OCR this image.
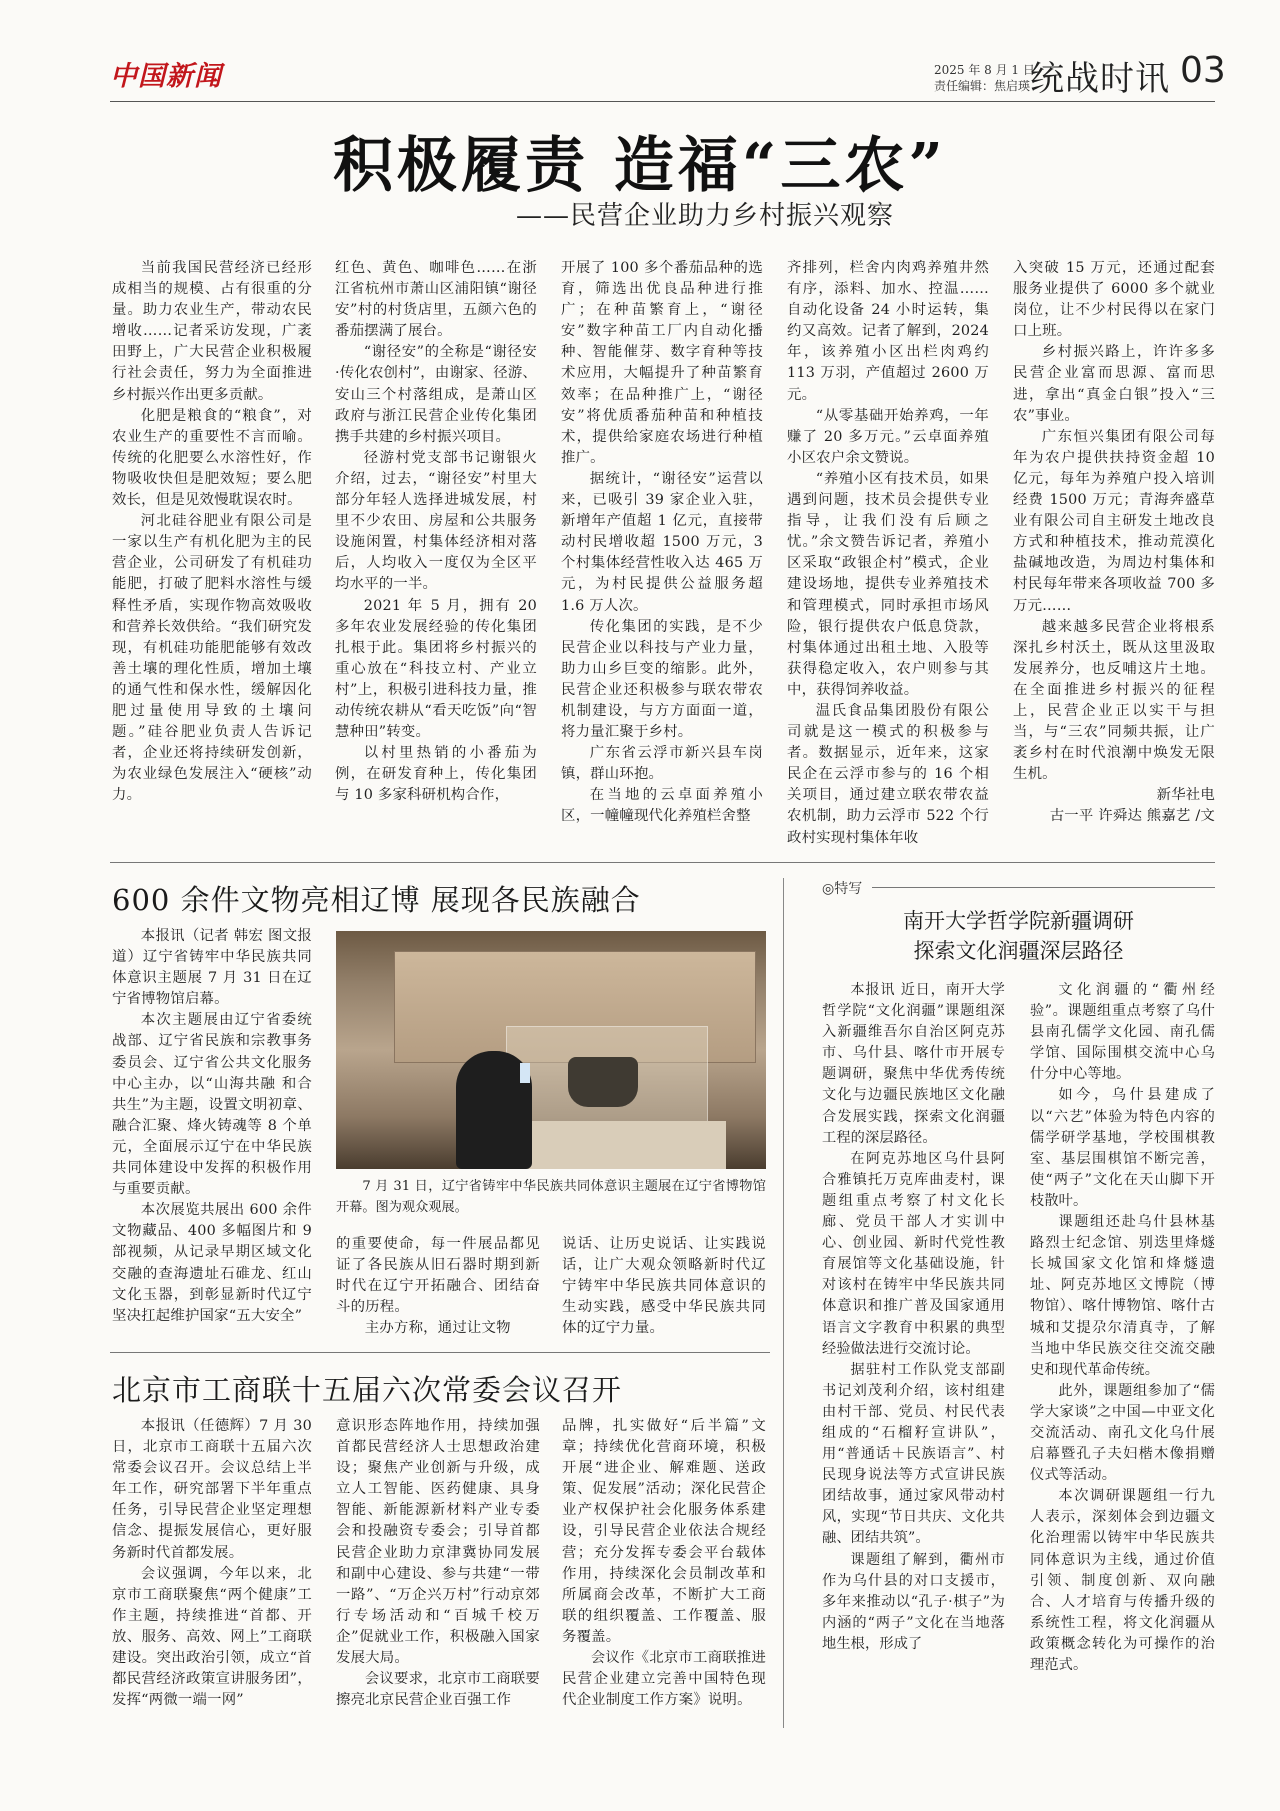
中国新闻	2025 年 8 月 1 日
责任编辑：焦启瑛 统战时讯 03
积极履责 造福“三农”
——民营企业助力乡村振兴观察

当前我国民营经济已经形成相当的规模、占有很重的分量。助力农业生产，带动农民增收……记者采访发现，广袤田野上，广大民营企业积极履行社会责任，努力为全面推进乡村振兴作出更多贡献。

化肥是粮食的“粮食”，对农业生产的重要性不言而喻。传统的化肥要么水溶性好，作物吸收快但是肥效短；要么肥效长，但是见效慢耽误农时。

河北硅谷肥业有限公司是一家以生产有机化肥为主的民营企业，公司研发了有机硅功能肥，打破了肥料水溶性与缓释性矛盾，实现作物高效吸收和营养长效供给。“我们研究发现，有机硅功能肥能够有效改善土壤的理化性质，增加土壤的通气性和保水性，缓解因化肥过量使用导致的土壤问题。”硅谷肥业负责人告诉记者，企业还将持续研发创新，为农业绿色发展注入“硬核”动力。

红色、黄色、咖啡色……在浙江省杭州市萧山区浦阳镇“谢径安”村的村货店里，五颜六色的番茄摆满了展台。

“谢径安”的全称是“谢径安·传化农创村”，由谢家、径游、安山三个村落组成，是萧山区政府与浙江民营企业传化集团携手共建的乡村振兴项目。

径游村党支部书记谢银火介绍，过去，“谢径安”村里大部分年轻人选择进城发展，村里不少农田、房屋和公共服务设施闲置，村集体经济相对落后，人均收入一度仅为全区平均水平的一半。

2021 年 5 月，拥有 20 多年农业发展经验的传化集团扎根于此。集团将乡村振兴的重心放在“科技立村、产业立村”上，积极引进科技力量，推动传统农耕从“看天吃饭”向“智慧种田”转变。

以村里热销的小番茄为例，在研发育种上，传化集团与 10 多家科研机构合作，

开展了 100 多个番茄品种的选育，筛选出优良品种进行推广；在种苗繁育上，“谢径安”数字种苗工厂内自动化播种、智能催芽、数字育种等技术应用，大幅提升了种苗繁育效率；在品种推广上，“谢径安”将优质番茄种苗和种植技术，提供给家庭农场进行种植推广。

据统计，“谢径安”运营以来，已吸引 39 家企业入驻，新增年产值超 1 亿元，直接带动村民增收超 1500 万元，3 个村集体经营性收入达 465 万元，为村民提供公益服务超 1.6 万人次。

传化集团的实践，是不少民营企业以科技与产业力量，助力山乡巨变的缩影。此外，民营企业还积极参与联农带农机制建设，与方方面面一道，将力量汇聚于乡村。

广东省云浮市新兴县车岗镇，群山环抱。

在当地的云卓面养殖小区，一幢幢现代化养殖栏舍整

齐排列，栏舍内肉鸡养殖井然有序，添料、加水、控温……自动化设备 24 小时运转，集约又高效。记者了解到，2024 年，该养殖小区出栏肉鸡约 113 万羽，产值超过 2600 万元。

“从零基础开始养鸡，一年赚了 20 多万元。”云卓面养殖小区农户余文赞说。

“养殖小区有技术员，如果遇到问题，技术员会提供专业指导，让我们没有后顾之忧。”余文赞告诉记者，养殖小区采取“政银企村”模式，企业建设场地，提供专业养殖技术和管理模式，同时承担市场风险，银行提供农户低息贷款，村集体通过出租土地、入股等获得稳定收入，农户则参与其中，获得饲养收益。

温氏食品集团股份有限公司就是这一模式的积极参与者。数据显示，近年来，这家民企在云浮市参与的 16 个相关项目，通过建立联农带农益农机制，助力云浮市 522 个行政村实现村集体年收

入突破 15 万元，还通过配套服务业提供了 6000 多个就业岗位，让不少村民得以在家门口上班。

乡村振兴路上，许许多多民营企业富而思源、富而思进，拿出“真金白银”投入“三农”事业。

广东恒兴集团有限公司每年为农户提供扶持资金超 10 亿元，每年为养殖户投入培训经费 1500 万元；青海奔盛草业有限公司自主研发土地改良方式和种植技术，推动荒漠化盐碱地改造，为周边村集体和村民每年带来各项收益 700 多万元……

越来越多民营企业将根系深扎乡村沃土，既从这里汲取发展养分，也反哺这片土地。在全面推进乡村振兴的征程上，民营企业正以实干与担当，与“三农”同频共振，让广袤乡村在时代浪潮中焕发无限生机。

新华社电

古一平 许舜达 熊嘉艺 /文

600 余件文物亮相辽博 展现各民族融合

本报讯（记者 韩宏 图文报道）辽宁省铸牢中华民族共同体意识主题展 7 月 31 日在辽宁省博物馆启幕。

本次主题展由辽宁省委统战部、辽宁省民族和宗教事务委员会、辽宁省公共文化服务中心主办，以“山海共融 和合共生”为主题，设置文明初章、融合汇聚、烽火铸魂等 8 个单元，全面展示辽宁在中华民族共同体建设中发挥的积极作用与重要贡献。

本次展览共展出 600 余件文物藏品、400 多幅图片和 9 部视频，从记录早期区域文化交融的查海遗址石碓龙、红山文化玉器，到彰显新时代辽宁坚决扛起维护国家“五大安全”

7 月 31 日，辽宁省铸牢中华民族共同体意识主题展在辽宁省博物馆开幕。图为观众观展。

的重要使命，每一件展品都见证了各民族从旧石器时期到新时代在辽宁开拓融合、团结奋斗的历程。

主办方称，通过让文物

说话、让历史说话、让实践说话，让广大观众领略新时代辽宁铸牢中华民族共同体意识的生动实践，感受中华民族共同体的辽宁力量。

北京市工商联十五届六次常委会议召开

本报讯（任德辉）7 月 30 日，北京市工商联十五届六次常委会议召开。会议总结上半年工作，研究部署下半年重点任务，引导民营企业坚定理想信念、提振发展信心，更好服务新时代首都发展。

会议强调，今年以来，北京市工商联聚焦“两个健康”工作主题，持续推进“首都、开放、服务、高效、网上”工商联建设。突出政治引领，成立“首都民营经济政策宣讲服务团”，发挥“两微一端一网”

意识形态阵地作用，持续加强首都民营经济人士思想政治建设；聚焦产业创新与升级，成立人工智能、医药健康、具身智能、新能源新材料产业专委会和投融资专委会；引导首都民营企业助力京津冀协同发展和副中心建设、参与共建“一带一路”、“万企兴万村”行动京郊行专场活动和“百城千校万企”促就业工作，积极融入国家发展大局。

会议要求，北京市工商联要擦亮北京民营企业百强工作

品牌，扎实做好“后半篇”文章；持续优化营商环境，积极开展“进企业、解难题、送政策、促发展”活动；深化民营企业产权保护社会化服务体系建设，引导民营企业依法合规经营；充分发挥专委会平台载体作用，持续深化会员制改革和所属商会改革，不断扩大工商联的组织覆盖、工作覆盖、服务覆盖。

会议作《北京市工商联推进民营企业建立完善中国特色现代企业制度工作方案》说明。

◎特写
南开大学哲学院新疆调研
探索文化润疆深层路径

本报讯 近日，南开大学哲学院“文化润疆”课题组深入新疆维吾尔自治区阿克苏市、乌什县、喀什市开展专题调研，聚焦中华优秀传统文化与边疆民族地区文化融合发展实践，探索文化润疆工程的深层路径。

在阿克苏地区乌什县阿合雅镇托万克库曲麦村，课题组重点考察了村文化长廊、党员干部人才实训中心、创业园、新时代党性教育展馆等文化基础设施，针对该村在铸牢中华民族共同体意识和推广普及国家通用语言文字教育中积累的典型经验做法进行交流讨论。

据驻村工作队党支部副书记刘茂利介绍，该村组建由村干部、党员、村民代表组成的“石榴籽宣讲队”，用“普通话＋民族语言”、村民现身说法等方式宣讲民族团结故事，通过家风带动村风，实现“节日共庆、文化共融、团结共筑”。

课题组了解到，衢州市作为乌什县的对口支援市，多年来推动以“孔子·棋子”为内涵的“两子”文化在当地落地生根，形成了

文化润疆的“衢州经验”。课题组重点考察了乌什县南孔儒学文化园、南孔儒学馆、国际围棋交流中心乌什分中心等地。

如今，乌什县建成了以“六艺”体验为特色内容的儒学研学基地，学校围棋教室、基层围棋馆不断完善，使“两子”文化在天山脚下开枝散叶。

课题组还赴乌什县林基路烈士纪念馆、别迭里烽燧长城国家文化馆和烽燧遗址、阿克苏地区文博院（博物馆）、喀什博物馆、喀什古城和艾提尕尔清真寺，了解当地中华民族交往交流交融史和现代革命传统。

此外，课题组参加了“儒学大家谈”之中国—中亚文化交流活动、南孔文化乌什展启幕暨孔子夫妇楷木像捐赠仪式等活动。

本次调研课题组一行九人表示，深刻体会到边疆文化治理需以铸牢中华民族共同体意识为主线，通过价值引领、制度创新、双向融合、人才培育与传播升级的系统性工程，将文化润疆从政策概念转化为可操作的治理范式。
